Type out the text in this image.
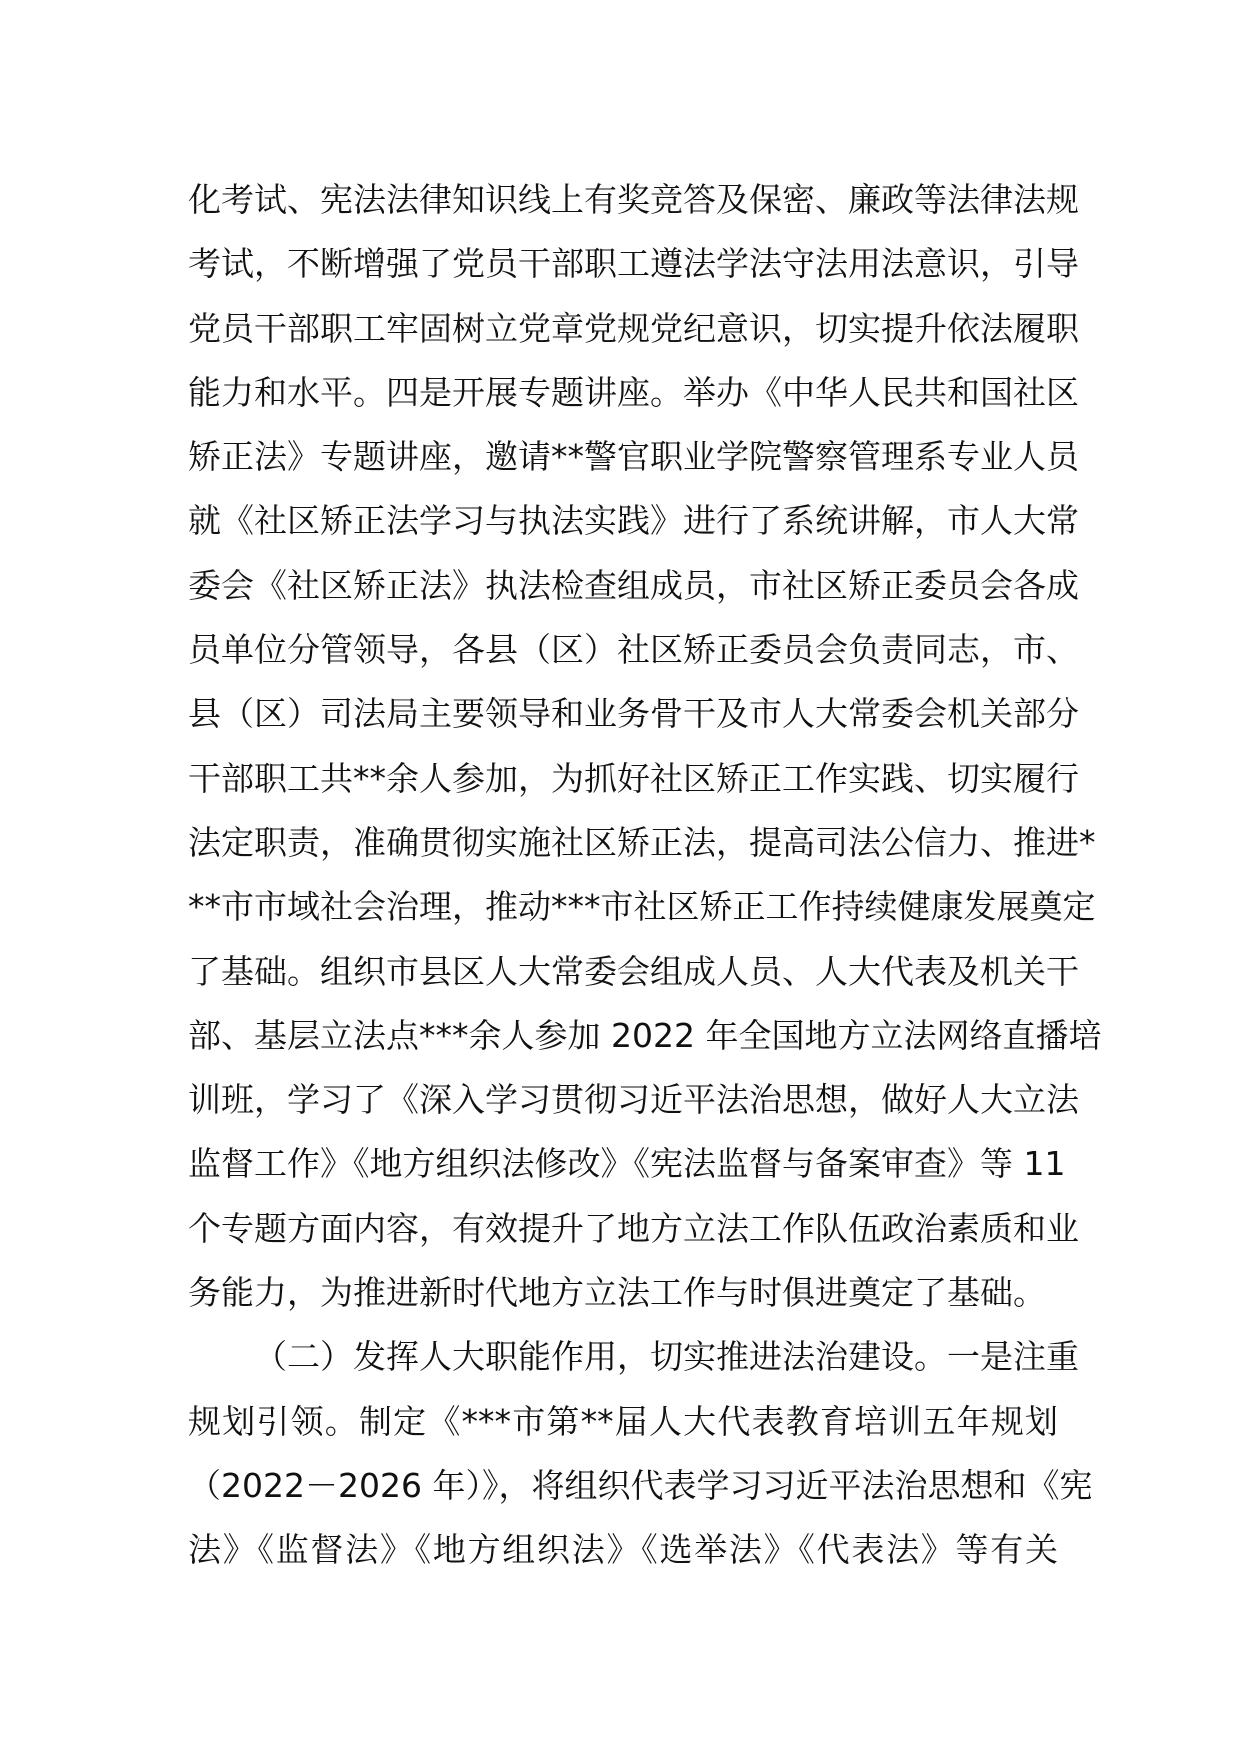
化考试、宪法法律知识线上有奖竞答及保密、廉政等法律法规
考试，不断增强了党员干部职工遵法学法守法用法意识，引导
党员干部职工牢固树立党章党规党纪意识，切实提升依法履职
能力和水平。四是开展专题讲座。举办《中华人民共和国社区
矫正法》专题讲座，邀请**警官职业学院警察管理系专业人员
就《社区矫正法学习与执法实践》进行了系统讲解，市人大常
委会《社区矫正法》执法检查组成员，市社区矫正委员会各成
员单位分管领导，各县（区）社区矫正委员会负责同志，市、
县（区）司法局主要领导和业务骨干及市人大常委会机关部分
干部职工共**余人参加，为抓好社区矫正工作实践、切实履行
法定职责，准确贯彻实施社区矫正法，提高司法公信力、推进*
**市市域社会治理，推动***市社区矫正工作持续健康发展奠定
了基础。组织市县区人大常委会组成人员、人大代表及机关干
部、基层立法点***余人参加 2022 年全国地方立法网络直播培
训班，学习了《深入学习贯彻习近平法治思想，做好人大立法
监督工作》《地方组织法修改》《宪法监督与备案审查》等 11
个专题方面内容，有效提升了地方立法工作队伍政治素质和业
务能力，为推进新时代地方立法工作与时俱进奠定了基础。
（二）发挥人大职能作用，切实推进法治建设。一是注重
规划引领。制定《***市第**届人大代表教育培训五年规划
（2022－2026 年）》，将组织代表学习习近平法治思想和《宪
法》《监督法》《地方组织法》《选举法》《代表法》等有关
